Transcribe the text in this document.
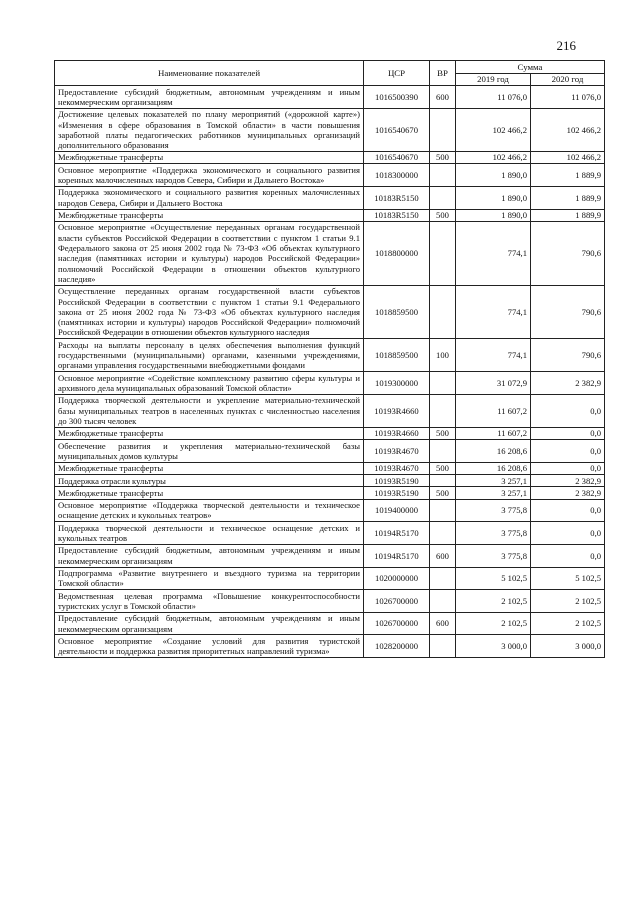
216
Наименование показателей	ЦСР	ВР	Сумма	
			2019 год	2020 год
Предоставление субсидий бюджетным, автономным учреждениям и иным некоммерческим организациям	1016500390	600	11 076,0	11 076,0
Достижение целевых показателей по плану мероприятий («дорожной карте») «Изменения в сфере образования в Томской области» в части повышения заработной платы педагогических работников муниципальных организаций дополнительного образования	1016540670		102 466,2	102 466,2
Межбюджетные трансферты	1016540670	500	102 466,2	102 466,2
Основное мероприятие «Поддержка экономического и социального развития коренных малочисленных народов Севера, Сибири и Дальнего Востока»	1018300000		1 890,0	1 889,9
Поддержка экономического и социального развития коренных малочисленных народов Севера, Сибири и Дальнего Востока	10183R5150		1 890,0	1 889,9
Межбюджетные трансферты	10183R5150	500	1 890,0	1 889,9
Основное мероприятие «Осуществление переданных органам государственной власти субъектов Российской Федерации в соответствии с пунктом 1 статьи 9.1 Федерального закона от 25 июня 2002 года № 73-ФЗ «Об объектах культурного наследия (памятниках истории и культуры) народов Российской Федерации» полномочий Российской Федерации в отношении объектов культурного наследия»	1018800000		774,1	790,6
Осуществление переданных органам государственной власти субъектов Российской Федерации в соответствии с пунктом 1 статьи 9.1 Федерального закона от 25 июня 2002 года № 73-ФЗ «Об объектах культурного наследия (памятниках истории и культуры) народов Российской Федерации» полномочий Российской Федерации в отношении объектов культурного наследия	1018859500		774,1	790,6
Расходы на выплаты персоналу в целях обеспечения выполнения функций государственными (муниципальными) органами, казенными учреждениями, органами управления государственными внебюджетными фондами	1018859500	100	774,1	790,6
Основное мероприятие «Содействие комплексному развитию сферы культуры и архивного дела муниципальных образований Томской области»	1019300000		31 072,9	2 382,9
Поддержка творческой деятельности и укрепление материально-технической базы муниципальных театров в населенных пунктах с численностью населения до 300 тысяч человек	10193R4660		11 607,2	0,0
Межбюджетные трансферты	10193R4660	500	11 607,2	0,0
Обеспечение развития и укрепления материально-технической базы муниципальных домов культуры	10193R4670		16 208,6	0,0
Межбюджетные трансферты	10193R4670	500	16 208,6	0,0
Поддержка отрасли культуры	10193R5190		3 257,1	2 382,9
Межбюджетные трансферты	10193R5190	500	3 257,1	2 382,9
Основное мероприятие «Поддержка творческой деятельности и техническое оснащение детских и кукольных театров»	1019400000		3 775,8	0,0
Поддержка творческой деятельности и техническое оснащение детских и кукольных театров	10194R5170		3 775,8	0,0
Предоставление субсидий бюджетным, автономным учреждениям и иным некоммерческим организациям	10194R5170	600	3 775,8	0,0
Подпрограмма «Развитие внутреннего и въездного туризма на территории Томской области»	1020000000		5 102,5	5 102,5
Ведомственная целевая программа «Повышение конкурентоспособности туристских услуг в Томской области»	1026700000		2 102,5	2 102,5
Предоставление субсидий бюджетным, автономным учреждениям и иным некоммерческим организациям	1026700000	600	2 102,5	2 102,5
Основное мероприятие «Создание условий для развития туристской деятельности и поддержка развития приоритетных направлений туризма»	1028200000		3 000,0	3 000,0
